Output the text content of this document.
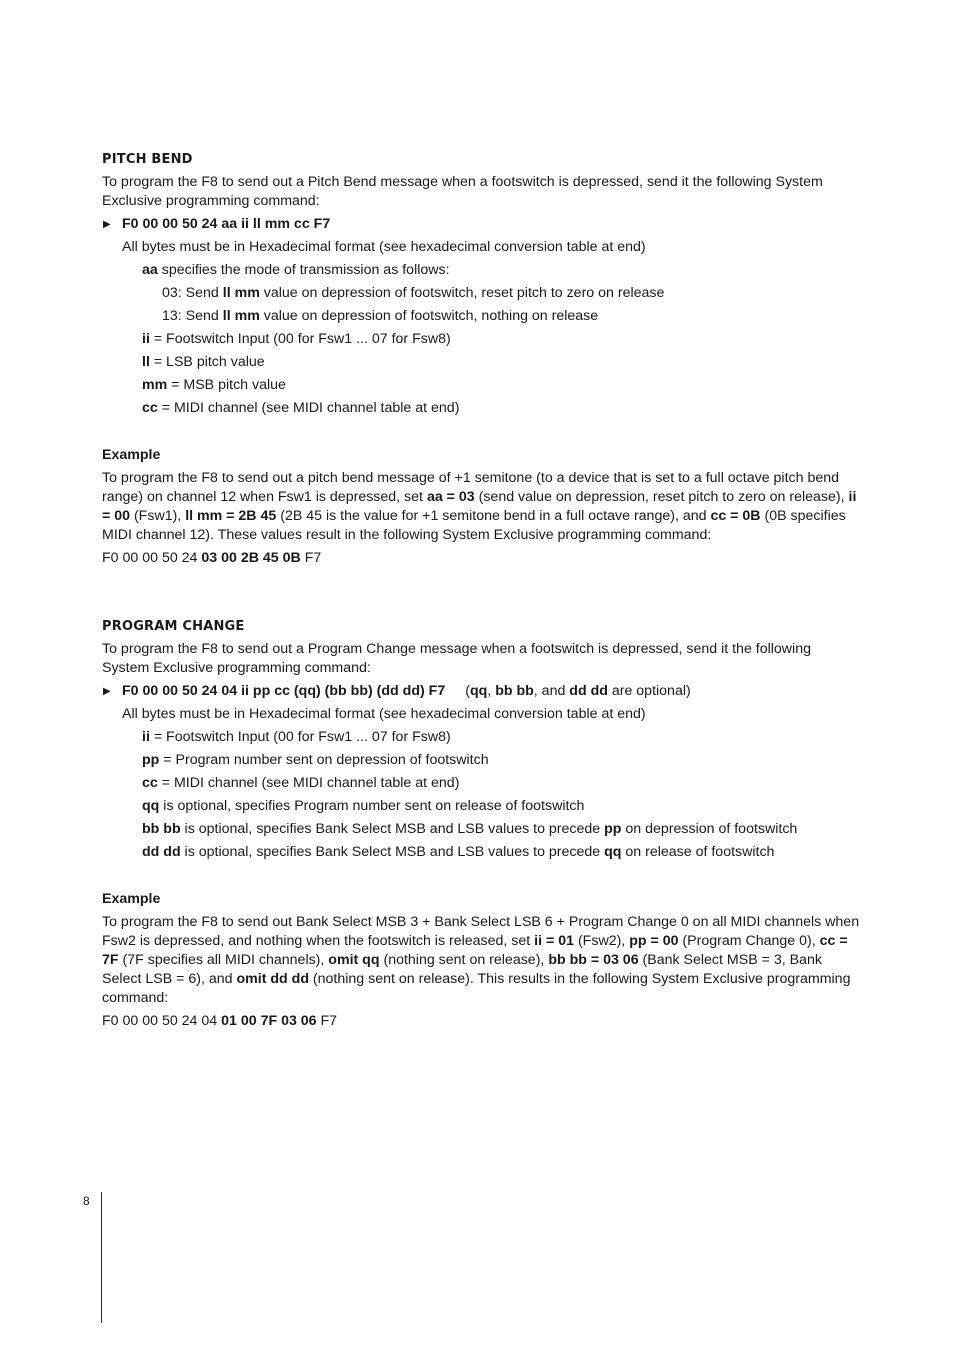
PITCH BEND

To program the F8 to send out a Pitch Bend message when a footswitch is depressed, send it the following System Exclusive programming command:

▶ F0 00 00 50 24 aa ii ll mm cc F7
All bytes must be in Hexadecimal format (see hexadecimal conversion table at end)
aa specifies the mode of transmission as follows:
03: Send ll mm value on depression of footswitch, reset pitch to zero on release
13: Send ll mm value on depression of footswitch, nothing on release
ii = Footswitch Input (00 for Fsw1 ... 07 for Fsw8)
ll = LSB pitch value
mm = MSB pitch value
cc = MIDI channel (see MIDI channel table at end)
Example

To program the F8 to send out a pitch bend message of +1 semitone (to a device that is set to a full octave pitch bend range) on channel 12 when Fsw1 is depressed, set aa = 03 (send value on depression, reset pitch to zero on release), ii = 00 (Fsw1), ll mm = 2B 45 (2B 45 is the value for +1 semitone bend in a full octave range), and cc = 0B (0B specifies MIDI channel 12). These values result in the following System Exclusive programming command:

F0 00 00 50 24 03 00 2B 45 0B F7

PROGRAM CHANGE

To program the F8 to send out a Program Change message when a footswitch is depressed, send it the following System Exclusive programming command:

▶ F0 00 00 50 24 04 ii pp cc (qq) (bb bb) (dd dd) F7 (qq, bb bb, and dd dd are optional)
All bytes must be in Hexadecimal format (see hexadecimal conversion table at end)
ii = Footswitch Input (00 for Fsw1 ... 07 for Fsw8)
pp = Program number sent on depression of footswitch
cc = MIDI channel (see MIDI channel table at end)
qq is optional, specifies Program number sent on release of footswitch
bb bb is optional, specifies Bank Select MSB and LSB values to precede pp on depression of footswitch
dd dd is optional, specifies Bank Select MSB and LSB values to precede qq on release of footswitch
Example

To program the F8 to send out Bank Select MSB 3 + Bank Select LSB 6 + Program Change 0 on all MIDI channels when Fsw2 is depressed, and nothing when the footswitch is released, set ii = 01 (Fsw2), pp = 00 (Program Change 0), cc = 7F (7F specifies all MIDI channels), omit qq (nothing sent on release), bb bb = 03 06 (Bank Select MSB = 3, Bank Select LSB = 6), and omit dd dd (nothing sent on release). This results in the following System Exclusive programming command:

F0 00 00 50 24 04 01 00 7F 03 06 F7

8
